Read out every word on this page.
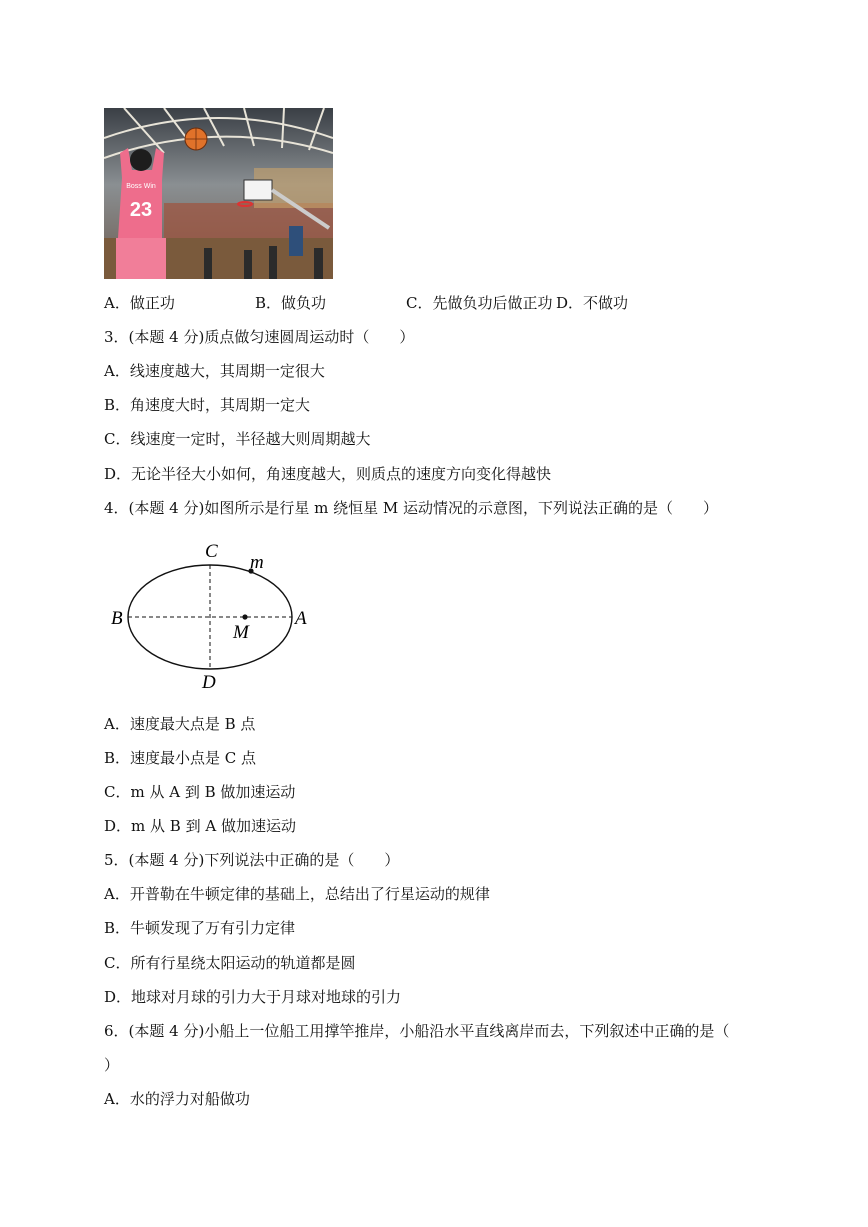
23
Boss Win
A．做正功	B．做负功	C．先做负功后做正功 D．不做功
3．(本题 4 分)质点做匀速圆周运动时（　　）
A．线速度越大，其周期一定很大
B．角速度大时，其周期一定大
C．线速度一定时，半径越大则周期越大
D．无论半径大小如何，角速度越大，则质点的速度方向变化得越快
4．(本题 4 分)如图所示是行星 m 绕恒星 M 运动情况的示意图，下列说法正确的是（　　）
C
m
B	A
M
D
A．速度最大点是 B 点
B．速度最小点是 C 点
C．m 从 A 到 B 做加速运动
D．m 从 B 到 A 做加速运动
5．(本题 4 分)下列说法中正确的是（　　）
A．开普勒在牛顿定律的基础上，总结出了行星运动的规律
B．牛顿发现了万有引力定律
C．所有行星绕太阳运动的轨道都是圆
D．地球对月球的引力大于月球对地球的引力
6．(本题 4 分)小船上一位船工用撑竿推岸，小船沿水平直线离岸而去，下列叙述中正确的是（
）
A．水的浮力对船做功
